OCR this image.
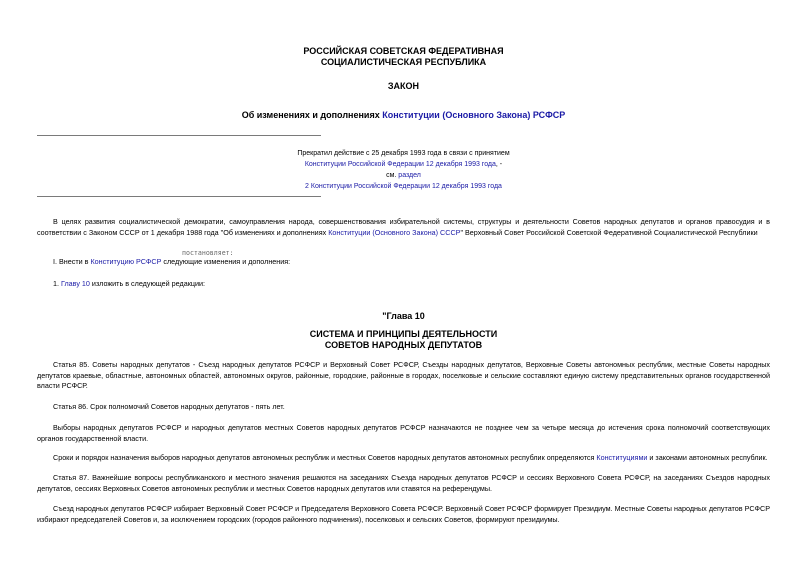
РОССИЙСКАЯ СОВЕТСКАЯ ФЕДЕРАТИВНАЯ
СОЦИАЛИСТИЧЕСКАЯ РЕСПУБЛИКА
ЗАКОН
Об изменениях и дополнениях Конституции (Основного Закона) РСФСР
Прекратил действие с 25 декабря 1993 года в связи с принятием
Конституции Российской Федерации 12 декабря 1993 года, -
см. раздел
2 Конституции Российской Федерации 12 декабря 1993 года
В целях развития социалистической демократии, самоуправления народа, совершенствования избирательной системы, структуры и деятельности Советов народных депутатов и органов правосудия и в соответствии с Законом СССР от 1 декабря 1988 года "Об изменениях и дополнениях Конституции (Основного Закона) СССР" Верховный Совет Российской Советской Федеративной Социалистической Республики
постановляет:
I. Внести в Конституцию РСФСР следующие изменения и дополнения:
1. Главу 10 изложить в следующей редакции:
"Глава 10
СИСТЕМА И ПРИНЦИПЫ ДЕЯТЕЛЬНОСТИ
СОВЕТОВ НАРОДНЫХ ДЕПУТАТОВ
Статья 85. Советы народных депутатов - Съезд народных депутатов РСФСР и Верховный Совет РСФСР, Съезды народных депутатов, Верховные Советы автономных республик, местные Советы народных депутатов краевые, областные, автономных областей, автономных округов, районные, городские, районные в городах, поселковые и сельские составляют единую систему представительных органов государственной власти РСФСР.
Статья 86. Срок полномочий Советов народных депутатов - пять лет.
Выборы народных депутатов РСФСР и народных депутатов местных Советов народных депутатов РСФСР назначаются не позднее чем за четыре месяца до истечения срока полномочий соответствующих органов государственной власти.
Сроки и порядок назначения выборов народных депутатов автономных республик и местных Советов народных депутатов автономных республик определяются Конституциями и законами автономных республик.
Статья 87. Важнейшие вопросы республиканского и местного значения решаются на заседаниях Съезда народных депутатов РСФСР и сессиях Верховного Совета РСФСР, на заседаниях Съездов народных депутатов, сессиях Верховных Советов автономных республик и местных Советов народных депутатов или ставятся на референдумы.
Съезд народных депутатов РСФСР избирает Верховный Совет РСФСР и Председателя Верховного Совета РСФСР. Верховный Совет РСФСР формирует Президиум. Местные Советы народных депутатов РСФСР избирают председателей Советов и, за исключением городских (городов районного подчинения), поселковых и сельских Советов, формируют президиумы.
